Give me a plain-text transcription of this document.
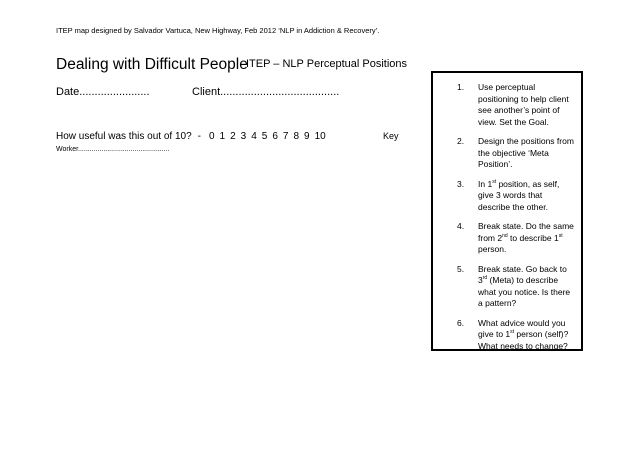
ITEP map designed by Salvador Vartuca, New Highway, Feb 2012 ‘NLP in Addiction & Recovery’.
Dealing with Difficult People
ITEP – NLP Perceptual Positions
Date.......................	Client.......................................
How useful was this out of 10? - 0 1 2 3 4 5 6 7 8 9 10	Key
Worker...............................................
1. Use perceptual positioning to help client see another’s point of view. Set the Goal.
2. Design the positions from the objective ‘Meta Position’.
3. In 1st position, as self, give 3 words that describe the other.
4. Break state. Do the same from 2nd to describe 1st person.
5. Break state. Go back to 3rd (Meta) to describe what you notice. Is there a pattern?
6. What advice would you give to 1st person (self)? What needs to change?
